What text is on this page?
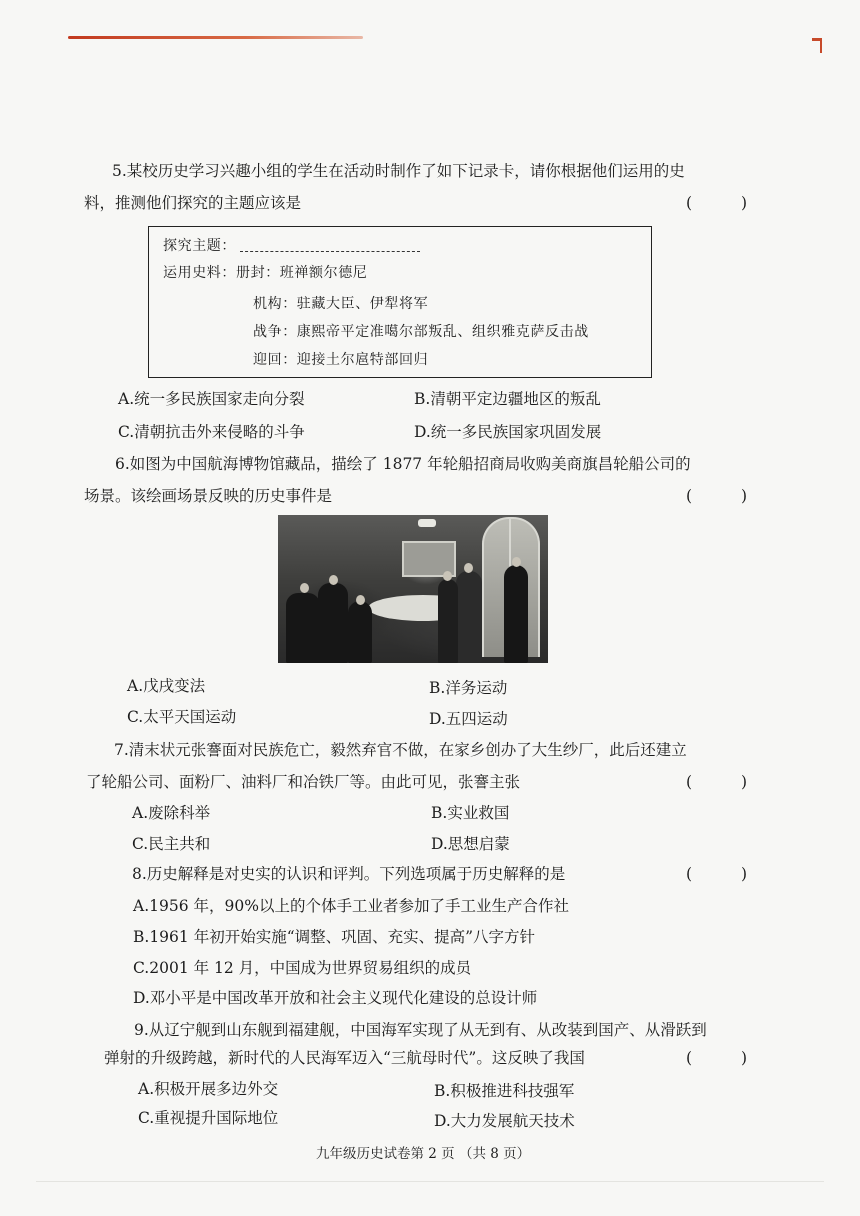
5.某校历史学习兴趣小组的学生在活动时制作了如下记录卡，请你根据他们运用的史
料，推测他们探究的主题应该是	( )
探究主题：
运用史料：册封：班禅额尔德尼
机构：驻藏大臣、伊犁将军
战争：康熙帝平定准噶尔部叛乱、组织雅克萨反击战
迎回：迎接土尔扈特部回归
A.统一多民族国家走向分裂	B.清朝平定边疆地区的叛乱
C.清朝抗击外来侵略的斗争	D.统一多民族国家巩固发展
6.如图为中国航海博物馆藏品，描绘了 1877 年轮船招商局收购美商旗昌轮船公司的
场景。该绘画场景反映的历史事件是	( )
A.戊戌变法	B.洋务运动
C.太平天国运动	D.五四运动
7.清末状元张謇面对民族危亡，毅然弃官不做，在家乡创办了大生纱厂，此后还建立
了轮船公司、面粉厂、油料厂和冶铁厂等。由此可见，张謇主张	( )
A.废除科举	B.实业救国
C.民主共和	D.思想启蒙
8.历史解释是对史实的认识和评判。下列选项属于历史解释的是	( )
A.1956 年，90%以上的个体手工业者参加了手工业生产合作社
B.1961 年初开始实施“调整、巩固、充实、提高”八字方针
C.2001 年 12 月，中国成为世界贸易组织的成员
D.邓小平是中国改革开放和社会主义现代化建设的总设计师
9.从辽宁舰到山东舰到福建舰，中国海军实现了从无到有、从改装到国产、从滑跃到
弹射的升级跨越，新时代的人民海军迈入“三航母时代”。这反映了我国	( )
A.积极开展多边外交	B.积极推进科技强军
C.重视提升国际地位	D.大力发展航天技术
九年级历史试卷第 2 页 （共 8 页）
